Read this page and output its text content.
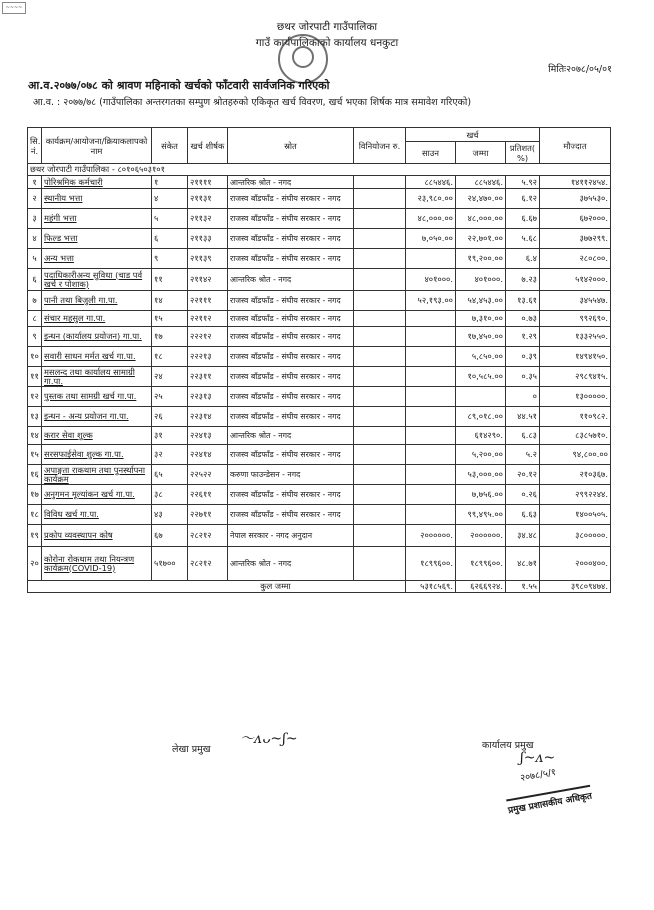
~~~~
छथर जोरपाटी गाउँपालिका
गाउँ कार्यपालिकाको कार्यालय धनकुटा
मितिः२०७८/०५/०१
आ.व.२०७७/०७८ को श्रावण महिनाको खर्चको फाँटवारी सार्वजनिक गरिएको
आ.व. : २०७७/७८ (गाउँपालिका अन्तरगतका सम्पुण श्रोतहरुको एकिकृत खर्च विवरण, खर्च भएका शिर्षक मात्र समावेश गरिएको)
सि. नं.	कार्यक्रम/आयोजना/क्रियाकलापको नाम	संकेत	खर्च शीर्षक	स्रोत	विनियोजन रु.	खर्च			मौज्दात
						साउन	जम्मा	प्रतिशत( %)	
छथर जोरपाटी गाउँपालिका - ८०१०६५०३१०१									
१	पोरिश्रमिक कर्मचारी	१	२११११	आन्तरिक श्रोत - नगद		८८५४४६.	८८५४४६.	५.९२	१४११२४५४.
२	स्थानीय भत्ता	४	२११३१	राजस्व बाँडफाँड - संघीय सरकार - नगद		२३,९८०.००	२४,४७०.००	६.१२	३७५५३०.
३	महंगी भत्ता	५	२११३२	राजस्व बाँडफाँड - संघीय सरकार - नगद		४८,०००.००	४८,०००.००	६.६७	६७२०००.
४	फिल्ड भत्ता	६	२११३३	राजस्व बाँडफाँड - संघीय सरकार - नगद		७,०५०.००	२२,७०१.००	५.६८	३७७२९९.
५	अन्य भत्ता	९	२११३९	राजस्व बाँडफाँड - संघीय सरकार - नगद			१९,२००.००	६.४	२८०८००.
६	पदाधिकारीअन्य सुविधा (चाड पर्व खर्च र पोशाक)	११	२११४२	आन्तरिक श्रोत - नगद		४०१०००.	४०१०००.	७.२३	५१४२०००.
७	पानी तथा बिजुली गा.पा.	१४	२२१११	राजस्व बाँडफाँड - संघीय सरकार - नगद		५२,१९३.००	५४,४५३.००	१३.६१	३४५५४७.
८	संचार महसुल गा.पा.	१५	२२११२	राजस्व बाँडफाँड - संघीय सरकार - नगद			७,३१०.००	०.७३	९९२६९०.
९	इन्धन (कार्यालय प्रयोजन) गा.पा.	१७	२२२१२	राजस्व बाँडफाँड - संघीय सरकार - नगद			१७,४५०.००	१.२९	१३३२५५०.
१०	सवारी साधन मर्मत खर्च गा.पा.	१८	२२२१३	राजस्व बाँडफाँड - संघीय सरकार - नगद			५,८५०.००	०.३९	१४९४१५०.
११	मसलन्द तथा कार्यालय सामाग्री गा.पा.	२४	२२३११	राजस्व बाँडफाँड - संघीय सरकार - नगद			१०,५८५.००	०.३५	२९८९४१५.
१२	पुस्तक तथा सामग्री खर्च गा.पा.	२५	२२३१३	राजस्व बाँडफाँड - संघीय सरकार - नगद				०	१३०००००.
१३	इन्धन - अन्य प्रयोजन गा.पा.	२६	२२३१४	राजस्व बाँडफाँड - संघीय सरकार - नगद			८९,०१८.००	४४.५१	११०९८२.
१४	करार सेवा शुल्क	३१	२२४१३	आन्तरिक श्रोत - नगद			६१४२९०.	६.८३	८३८५७१०.
१५	सरसफाईसेवा शुल्क गा.पा.	३२	२२४१४	राजस्व बाँडफाँड - संघीय सरकार - नगद			५,२००.००	५.२	९४,८००.००
१६	अपाङ्गता राकथाम तथा पुनर्स्थापना कार्यक्रम	६५	२२५२२	करुणा फाउन्डेसन - नगद			५३,०००.००	२०.१२	२१०३६७.
१७	अनुगमन मूल्यांकन खर्च गा.पा.	३८	२२६११	राजस्व बाँडफाँड - संघीय सरकार - नगद			७,७५६.००	०.२६	२९९२२४४.
१८	विविध खर्च गा.पा.	४३	२२७११	राजस्व बाँडफाँड - संघीय सरकार - नगद			९९,४९५.००	६.६३	१४००५०५.
१९	प्रकोप व्यवस्थापन कोष	६७	२८२१२	नेपाल सरकार - नगद अनुदान		२००००००.	२००००००.	३४.४८	३८०००००.
२०	कोरोना रोकथाम तथा नियन्त्रण कार्यक्रम(COVID-19)	५१७००	२८२१२	आन्तरिक श्रोत - नगद		१८९९६००.	१८९९६००.	४८.७१	२०००४००.
कुल जम्मा						५३१८५६९.	६२६६९२४.	१.५५	३९८०९४७४.
लेखा प्रमुख
〜ᴧᴗ~ʃ~	कार्यालय प्रमुख
ʃ~ᴧ~
२०७८/५/१
प्रमुख प्रशासकीय अधिकृत
